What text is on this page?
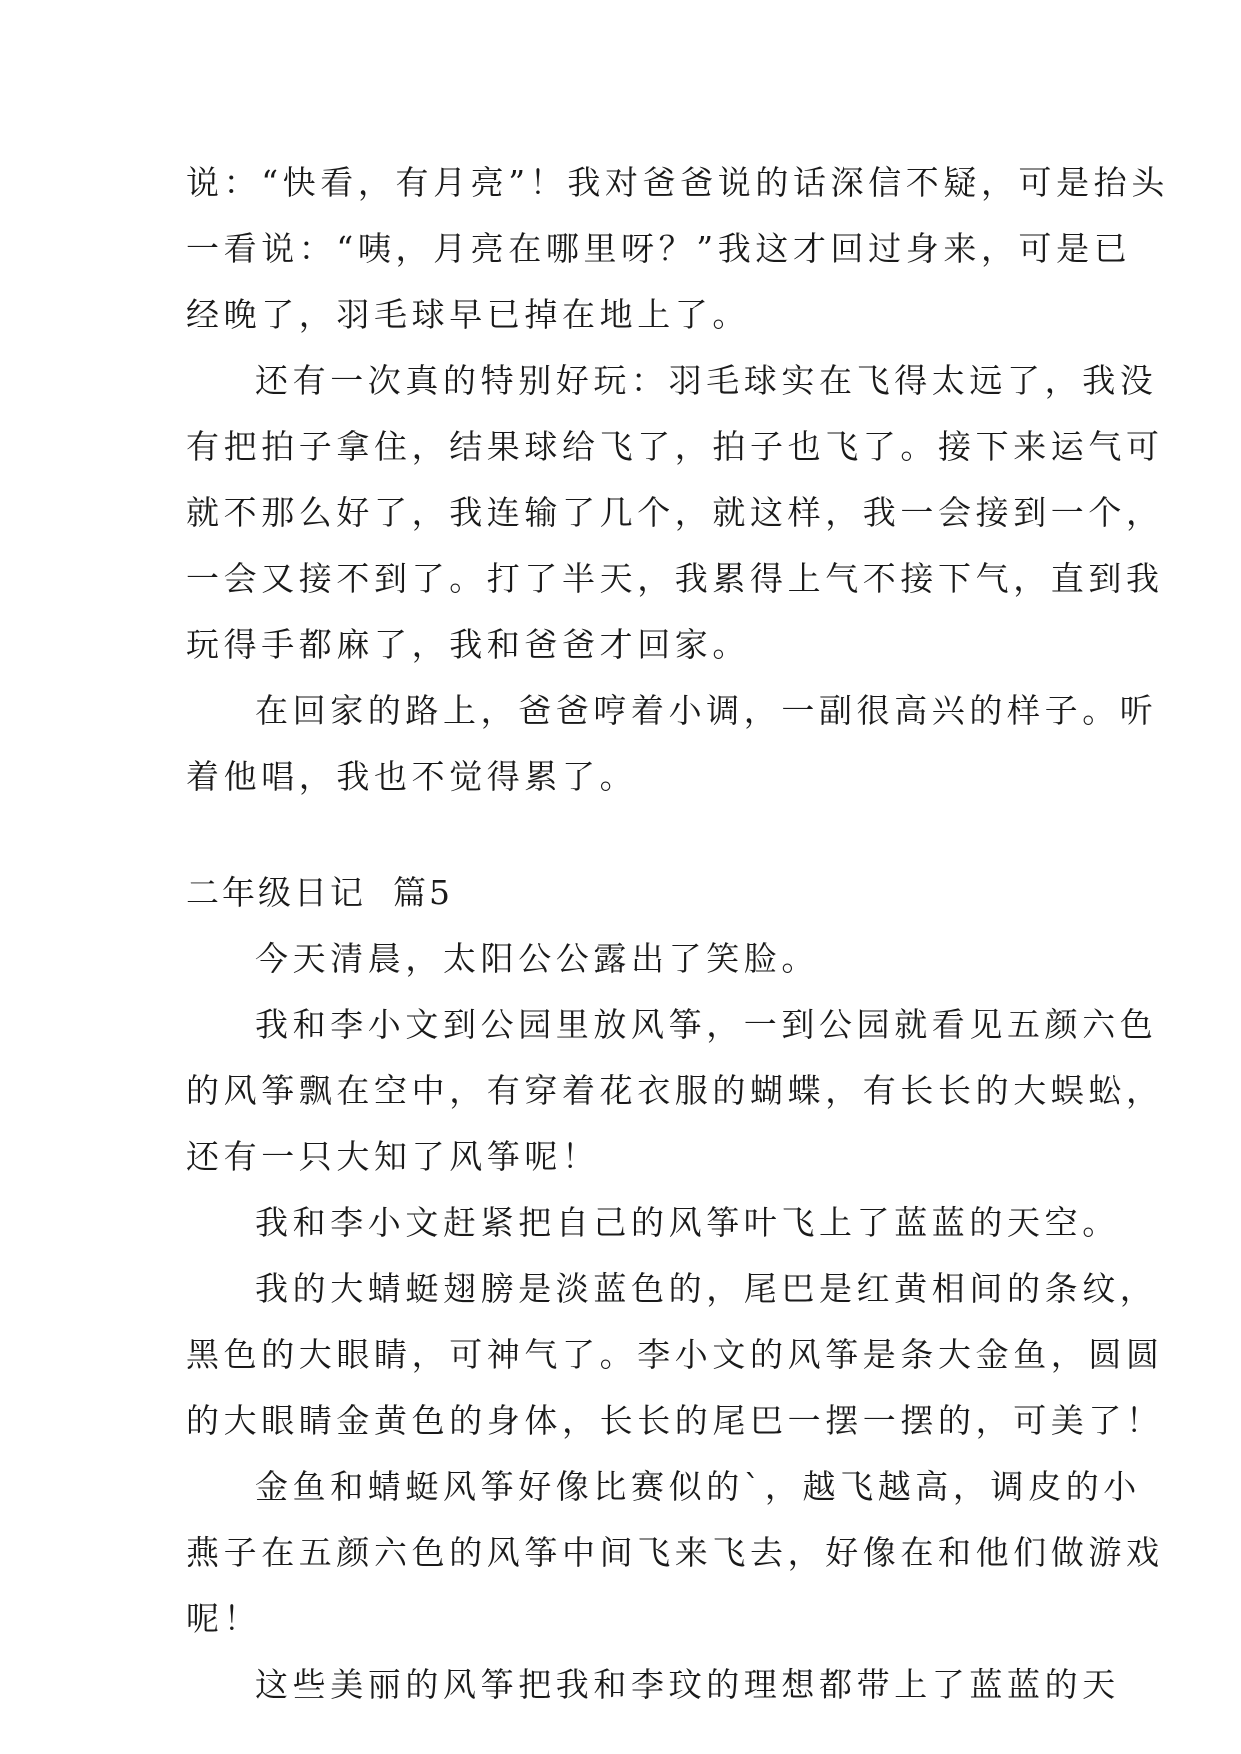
说：“快看，有月亮”！我对爸爸说的话深信不疑，可是抬头
一看说：“咦，月亮在哪里呀？”我这才回过身来，可是已
经晚了，羽毛球早已掉在地上了。
还有一次真的特别好玩：羽毛球实在飞得太远了，我没
有把拍子拿住，结果球给飞了，拍子也飞了。接下来运气可
就不那么好了，我连输了几个，就这样，我一会接到一个，
一会又接不到了。打了半天，我累得上气不接下气，直到我
玩得手都麻了，我和爸爸才回家。
在回家的路上，爸爸哼着小调，一副很高兴的样子。听
着他唱，我也不觉得累了。
二年级日记  篇5
今天清晨，太阳公公露出了笑脸。
我和李小文到公园里放风筝，一到公园就看见五颜六色
的风筝飘在空中，有穿着花衣服的蝴蝶，有长长的大蜈蚣，
还有一只大知了风筝呢！
我和李小文赶紧把自己的风筝叶飞上了蓝蓝的天空。
我的大蜻蜓翅膀是淡蓝色的，尾巴是红黄相间的条纹，
黑色的大眼睛，可神气了。李小文的风筝是条大金鱼，圆圆
的大眼睛金黄色的身体，长长的尾巴一摆一摆的，可美了！
金鱼和蜻蜓风筝好像比赛似的`，越飞越高，调皮的小
燕子在五颜六色的风筝中间飞来飞去，好像在和他们做游戏
呢！
这些美丽的风筝把我和李玟的理想都带上了蓝蓝的天
